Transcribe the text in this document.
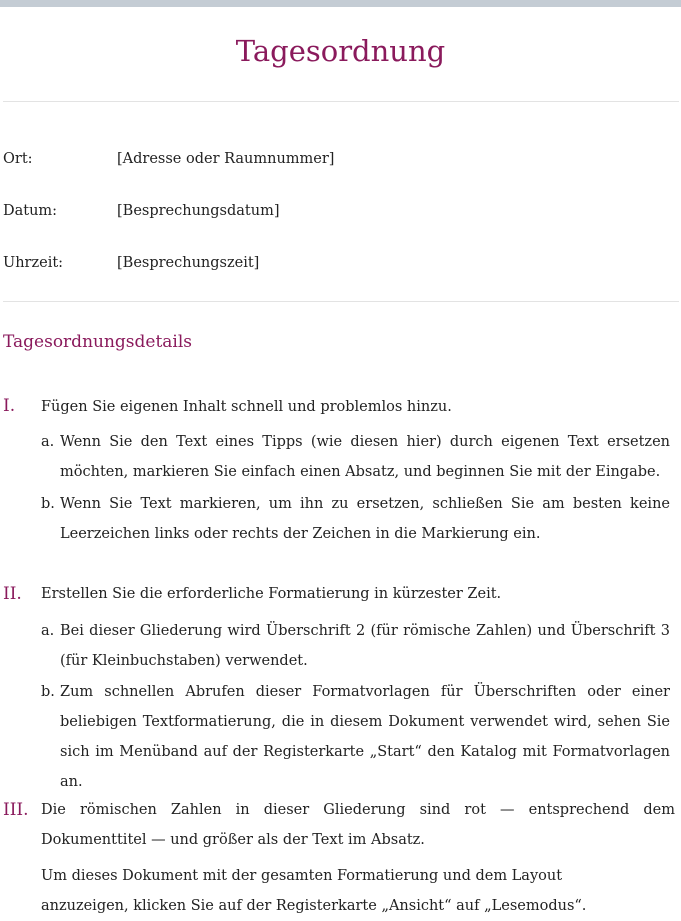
Tagesordnung
Ort:	[Adresse oder Raumnummer]
Datum:	[Besprechungsdatum]
Uhrzeit:	[Besprechungszeit]
Tagesordnungsdetails
I. Fügen Sie eigenen Inhalt schnell und problemlos hinzu.
a. Wenn Sie den Text eines Tipps (wie diesen hier) durch eigenen Text ersetzen möchten, markieren Sie einfach einen Absatz, und beginnen Sie mit der Eingabe.
b. Wenn Sie Text markieren, um ihn zu ersetzen, schließen Sie am besten keine Leerzeichen links oder rechts der Zeichen in die Markierung ein.
II. Erstellen Sie die erforderliche Formatierung in kürzester Zeit.
a. Bei dieser Gliederung wird Überschrift 2 (für römische Zahlen) und Überschrift 3 (für Kleinbuchstaben) verwendet.
b. Zum schnellen Abrufen dieser Formatvorlagen für Überschriften oder einer beliebigen Textformatierung, die in diesem Dokument verwendet wird, sehen Sie sich im Menüband auf der Registerkarte „Start“ den Katalog mit Formatvorlagen an.
III. Die römischen Zahlen in dieser Gliederung sind rot — entsprechend dem Dokumenttitel — und größer als der Text im Absatz.
Um dieses Dokument mit der gesamten Formatierung und dem Layout
anzuzeigen, klicken Sie auf der Registerkarte „Ansicht“ auf „Lesemodus“.
